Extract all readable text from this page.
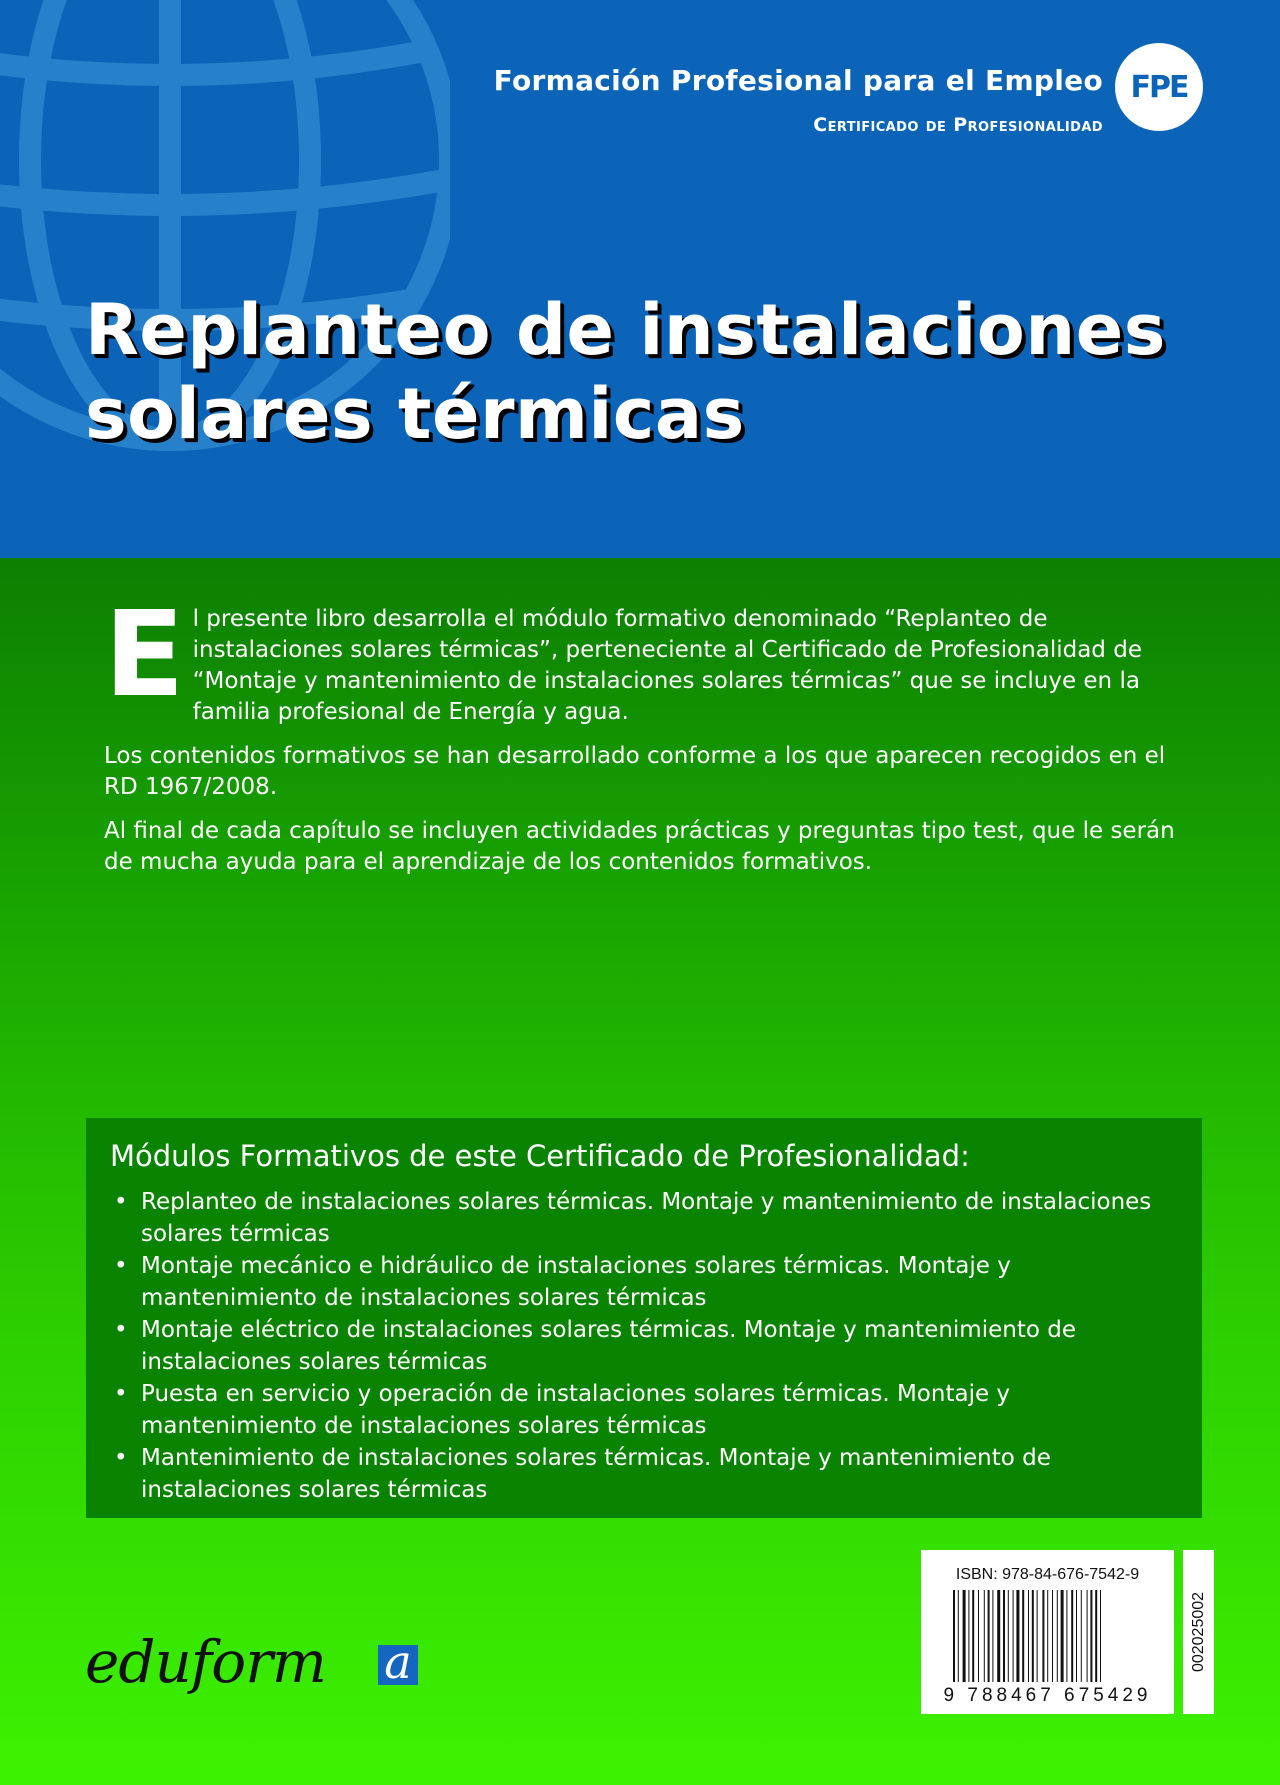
Formación Profesional para el Empleo
Certificado de Profesionalidad
FPE
Replanteo de instalaciones
solares térmicas

El presente libro desarrolla el módulo formativo denominado “Replanteo de instalaciones solares térmicas”, perteneciente al Certificado de Profesionalidad de “Montaje y mantenimiento de instalaciones solares térmicas” que se incluye en la familia profesional de Energía y agua.

Los contenidos formativos se han desarrollado conforme a los que aparecen recogidos en el RD 1967/2008.

Al final de cada capítulo se incluyen actividades prácticas y preguntas tipo test, que le serán de mucha ayuda para el aprendizaje de los contenidos formativos.

Módulos Formativos de este Certificado de Profesionalidad:
• Replanteo de instalaciones solares térmicas. Montaje y mantenimiento de instalaciones solares térmicas
• Montaje mecánico e hidráulico de instalaciones solares térmicas. Montaje y mantenimiento de instalaciones solares térmicas
• Montaje eléctrico de instalaciones solares térmicas. Montaje y mantenimiento de instalaciones solares térmicas
• Puesta en servicio y operación de instalaciones solares térmicas. Montaje y mantenimiento de instalaciones solares térmicas
• Mantenimiento de instalaciones solares térmicas. Montaje y mantenimiento de instalaciones solares térmicas
eduform a
ISBN: 978-84-676-7542-9
9 788467 675429
002025002
